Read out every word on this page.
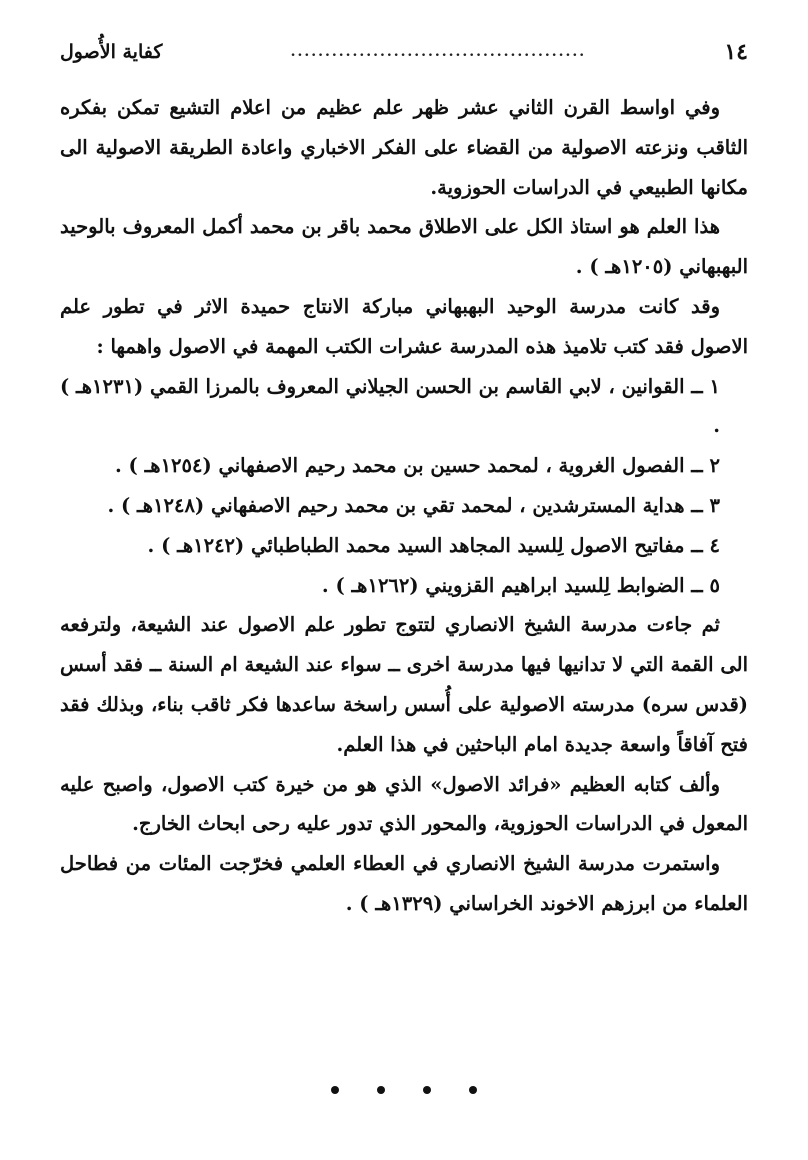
١٤
...........................................
كفاية الأُصول

وفي اواسط القرن الثاني عشر ظهر علم عظيم من اعلام التشيع تمكن بفكره الثاقب ونزعته الاصولية من القضاء على الفكر الاخباري واعادة الطريقة الاصولية الى مكانها الطبيعي في الدراسات الحوزوية.

هذا العلم هو استاذ الكل على الاطلاق محمد باقر بن محمد أكمل المعروف بالوحيد البهبهاني (١٢٠٥هـ ) .

وقد كانت مدرسة الوحيد البهبهاني مباركة الانتاج حميدة الاثر في تطور علم الاصول فقد كتب تلاميذ هذه المدرسة عشرات الكتب المهمة في الاصول واهمها :

١ ــ القوانين ، لابي القاسم بن الحسن الجيلاني المعروف بالمرزا القمي (١٢٣١هـ ) .

٢ ــ الفصول الغروية ، لمحمد حسين بن محمد رحيم الاصفهاني (١٢٥٤هـ ) .

٣ ــ هداية المسترشدين ، لمحمد تقي بن محمد رحيم الاصفهاني (١٢٤٨هـ ) .

٤ ــ مفاتيح الاصول لِلسيد المجاهد السيد محمد الطباطبائي (١٢٤٢هـ ) .

٥ ــ الضوابط لِلسيد ابراهيم القزويني (١٢٦٢هـ ) .

ثم جاءت مدرسة الشيخ الانصاري لتتوج تطور علم الاصول عند الشيعة، ولترفعه الى القمة التي لا تدانيها فيها مدرسة اخرى ــ سواء عند الشيعة ام السنة ــ فقد أسس (قدس سره) مدرسته الاصولية على أُسس راسخة ساعدها فكر ثاقب بناء، وبذلك فقد فتح آفاقاً واسعة جديدة امام الباحثين في هذا العلم.

وألف كتابه العظيم «فرائد الاصول» الذي هو من خيرة كتب الاصول، واصبح عليه المعول في الدراسات الحوزوية، والمحور الذي تدور عليه رحى ابحاث الخارج.

واستمرت مدرسة الشيخ الانصاري في العطاء العلمي فخرّجت المئات من فطاحل العلماء من ابرزهم الاخوند الخراساني (١٣٢٩هـ ) .
